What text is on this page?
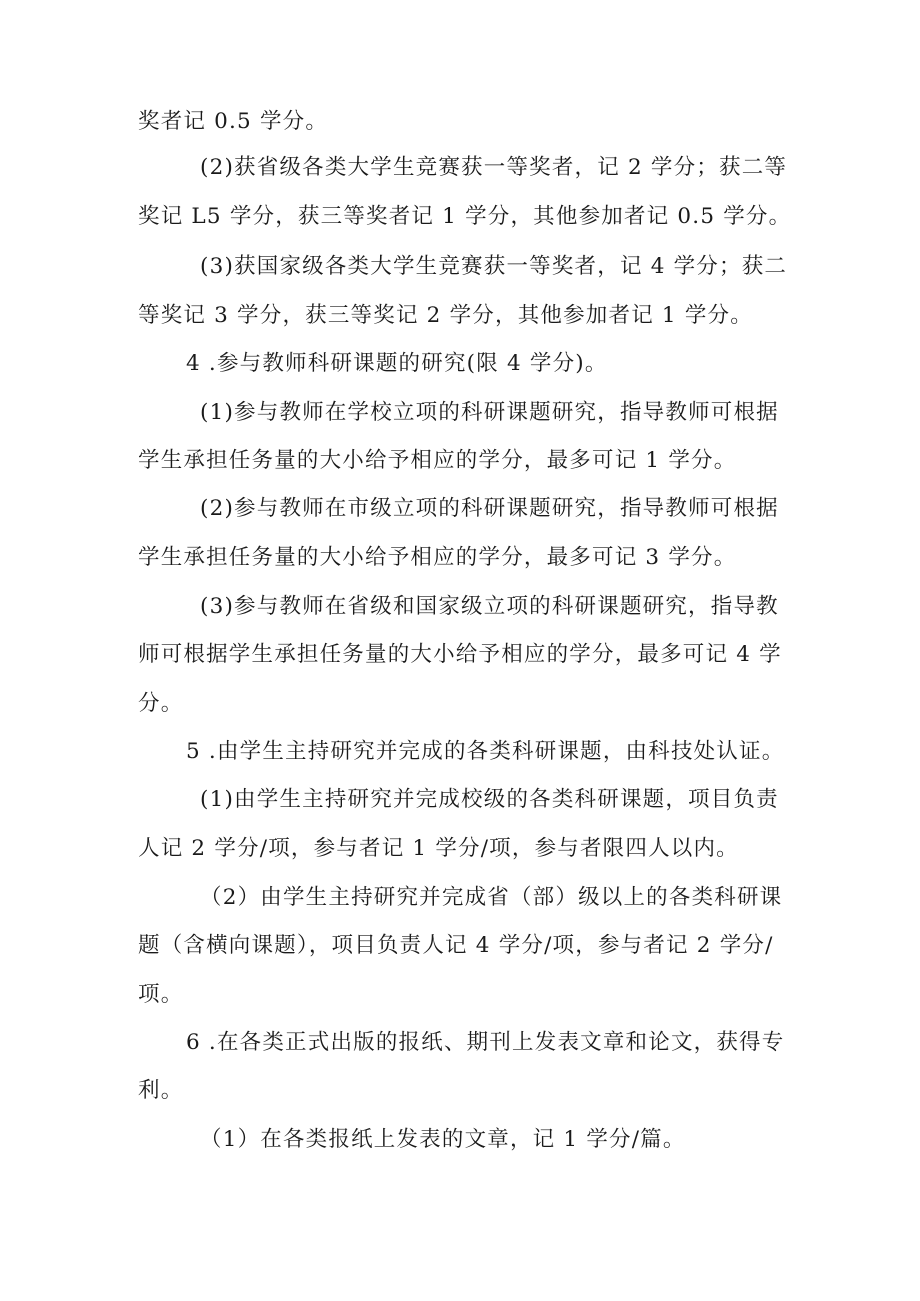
奖者记 0.5 学分。
(2)获省级各类大学生竞赛获一等奖者，记 2 学分；获二等
奖记 L5 学分，获三等奖者记 1 学分，其他参加者记 0.5 学分。
(3)获国家级各类大学生竞赛获一等奖者，记 4 学分；获二
等奖记 3 学分，获三等奖记 2 学分，其他参加者记 1 学分。
4 .参与教师科研课题的研究(限 4 学分)。
(1)参与教师在学校立项的科研课题研究，指导教师可根据
学生承担任务量的大小给予相应的学分，最多可记 1 学分。
(2)参与教师在市级立项的科研课题研究，指导教师可根据
学生承担任务量的大小给予相应的学分，最多可记 3 学分。
(3)参与教师在省级和国家级立项的科研课题研究，指导教
师可根据学生承担任务量的大小给予相应的学分，最多可记 4 学
分。
5 .由学生主持研究并完成的各类科研课题，由科技处认证。
(1)由学生主持研究并完成校级的各类科研课题，项目负责
人记 2 学分/项，参与者记 1 学分/项，参与者限四人以内。
（2）由学生主持研究并完成省（部）级以上的各类科研课
题（含横向课题），项目负责人记 4 学分/项，参与者记 2 学分/
项。
6 .在各类正式出版的报纸、期刊上发表文章和论文，获得专
利。
（1）在各类报纸上发表的文章，记 1 学分/篇。
